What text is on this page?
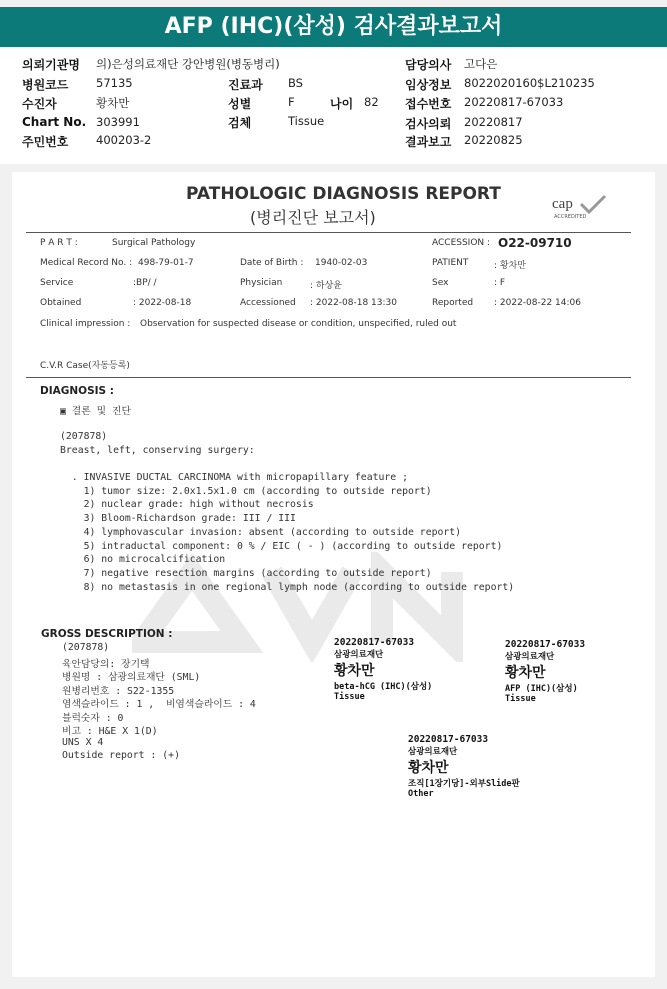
AFP (IHC)(삼성) 검사결과보고서
의뢰기관명 의)은성의료재단 강안병원(병동병리)	담당의사 고다은
병원코드 57135	진료과 BS	임상정보 8022020160$L210235
수진자	황차만	성별	F	나이 82 접수번호 20220817-67033
Chart No. 303991	검체	Tissue	검사의뢰 20220817
주민번호 400203-2	결과보고 20220825
PATHOLOGIC DIAGNOSIS REPORT
(병리진단 보고서)
cap
ACCREDITED
P A R T :	Surgical Pathology	ACCESSION : O22-09710
Medical Record No. : 498-79-01-7	Date of Birth : 1940-02-03	PATIENT	: 황차만
Service	:BP/ /	Physician	: 하상윤	Sex	: F
Obtained	: 2022-08-18	Accessioned : 2022-08-18 13:30	Reported : 2022-08-22 14:06
Clinical impression : Observation for suspected disease or condition, unspecified, ruled out
C.V.R Case(자동등록)
DIAGNOSIS :
▣ 결론 및 진단
(207878)
Breast, left, conserving surgery:
. INVASIVE DUCTAL CARCINOMA with micropapillary feature ;
1) tumor size: 2.0x1.5x1.0 cm (according to outside report)
2) nuclear grade: high without necrosis
3) Bloom-Richardson grade: III / III
4) lymphovascular invasion: absent (according to outside report)
5) intraductal component: 0 % / EIC ( - ) (according to outside report)
6) no microcalcification
7) negative resection margins (according to outside report)
8) no metastasis in one regional lymph node (according to outside report)
GROSS DESCRIPTION :
(207878)
육안담당의: 장기택
병원명 : 삼광의료재단 (SML)
원병리번호 : S22-1355
염색슬라이드 : 1 ,  비염색슬라이드 : 4
블럭숫자 : 0
비고 : H&E X 1(D)
UNS X 4
Outside report : (+)
20220817-67033
삼광의료재단
황차만
beta-hCG (IHC)(삼성)
Tissue
20220817-67033
삼광의료재단
황차만
AFP (IHC)(삼성)
Tissue
20220817-67033
삼광의료재단
황차만
조직[1장기당]-외부Slide판
Other
